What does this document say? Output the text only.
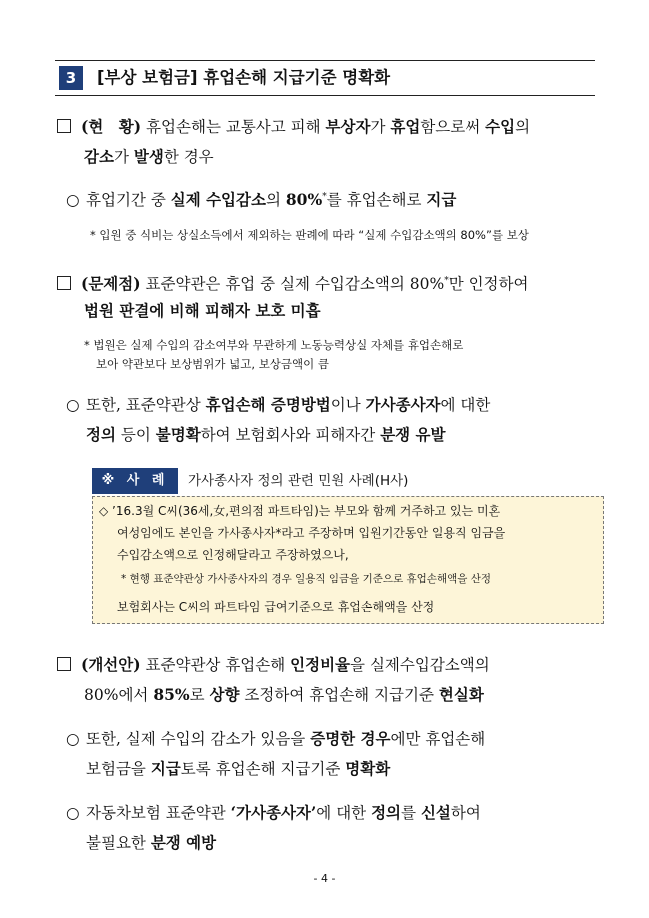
3	[부상 보험금] 휴업손해 지급기준 명확화
(현　황) 휴업손해는 교통사고 피해 부상자가 휴업함으로써 수입의
감소가 발생한 경우
○ 휴업기간 중 실제 수입감소의 80%*를 휴업손해로 지급
* 입원 중 식비는 상실소득에서 제외하는 판례에 따라 “실제 수입감소액의 80%”를 보상
(문제점) 표준약관은 휴업 중 실제 수입감소액의 80%*만 인정하여
법원 판결에 비해 피해자 보호 미흡
* 법원은 실제 수입의 감소여부와 무관하게 노동능력상실 자체를 휴업손해로
보아 약관보다 보상범위가 넓고, 보상금액이 큼
○ 또한, 표준약관상 휴업손해 증명방법이나 가사종사자에 대한
정의 등이 불명확하여 보험회사와 피해자간 분쟁 유발
※ 사 례	가사종사자 정의 관련 민원 사례(H사)
◇ ’16.3월 C씨(36세,女,편의점 파트타임)는 부모와 함께 거주하고 있는 미혼
여성임에도 본인을 가사종사자*라고 주장하며 입원기간동안 일용직 임금을
수입감소액으로 인정해달라고 주장하였으나,
* 현행 표준약관상 가사종사자의 경우 일용직 임금을 기준으로 휴업손해액을 산정
보험회사는 C씨의 파트타임 급여기준으로 휴업손해액을 산정
(개선안) 표준약관상 휴업손해 인정비율을 실제수입감소액의
80%에서 85%로 상향 조정하여 휴업손해 지급기준 현실화
○ 또한, 실제 수입의 감소가 있음을 증명한 경우에만 휴업손해
보험금을 지급토록 휴업손해 지급기준 명확화
○ 자동차보험 표준약관 ‘가사종사자’에 대한 정의를 신설하여
불필요한 분쟁 예방
- 4 -
